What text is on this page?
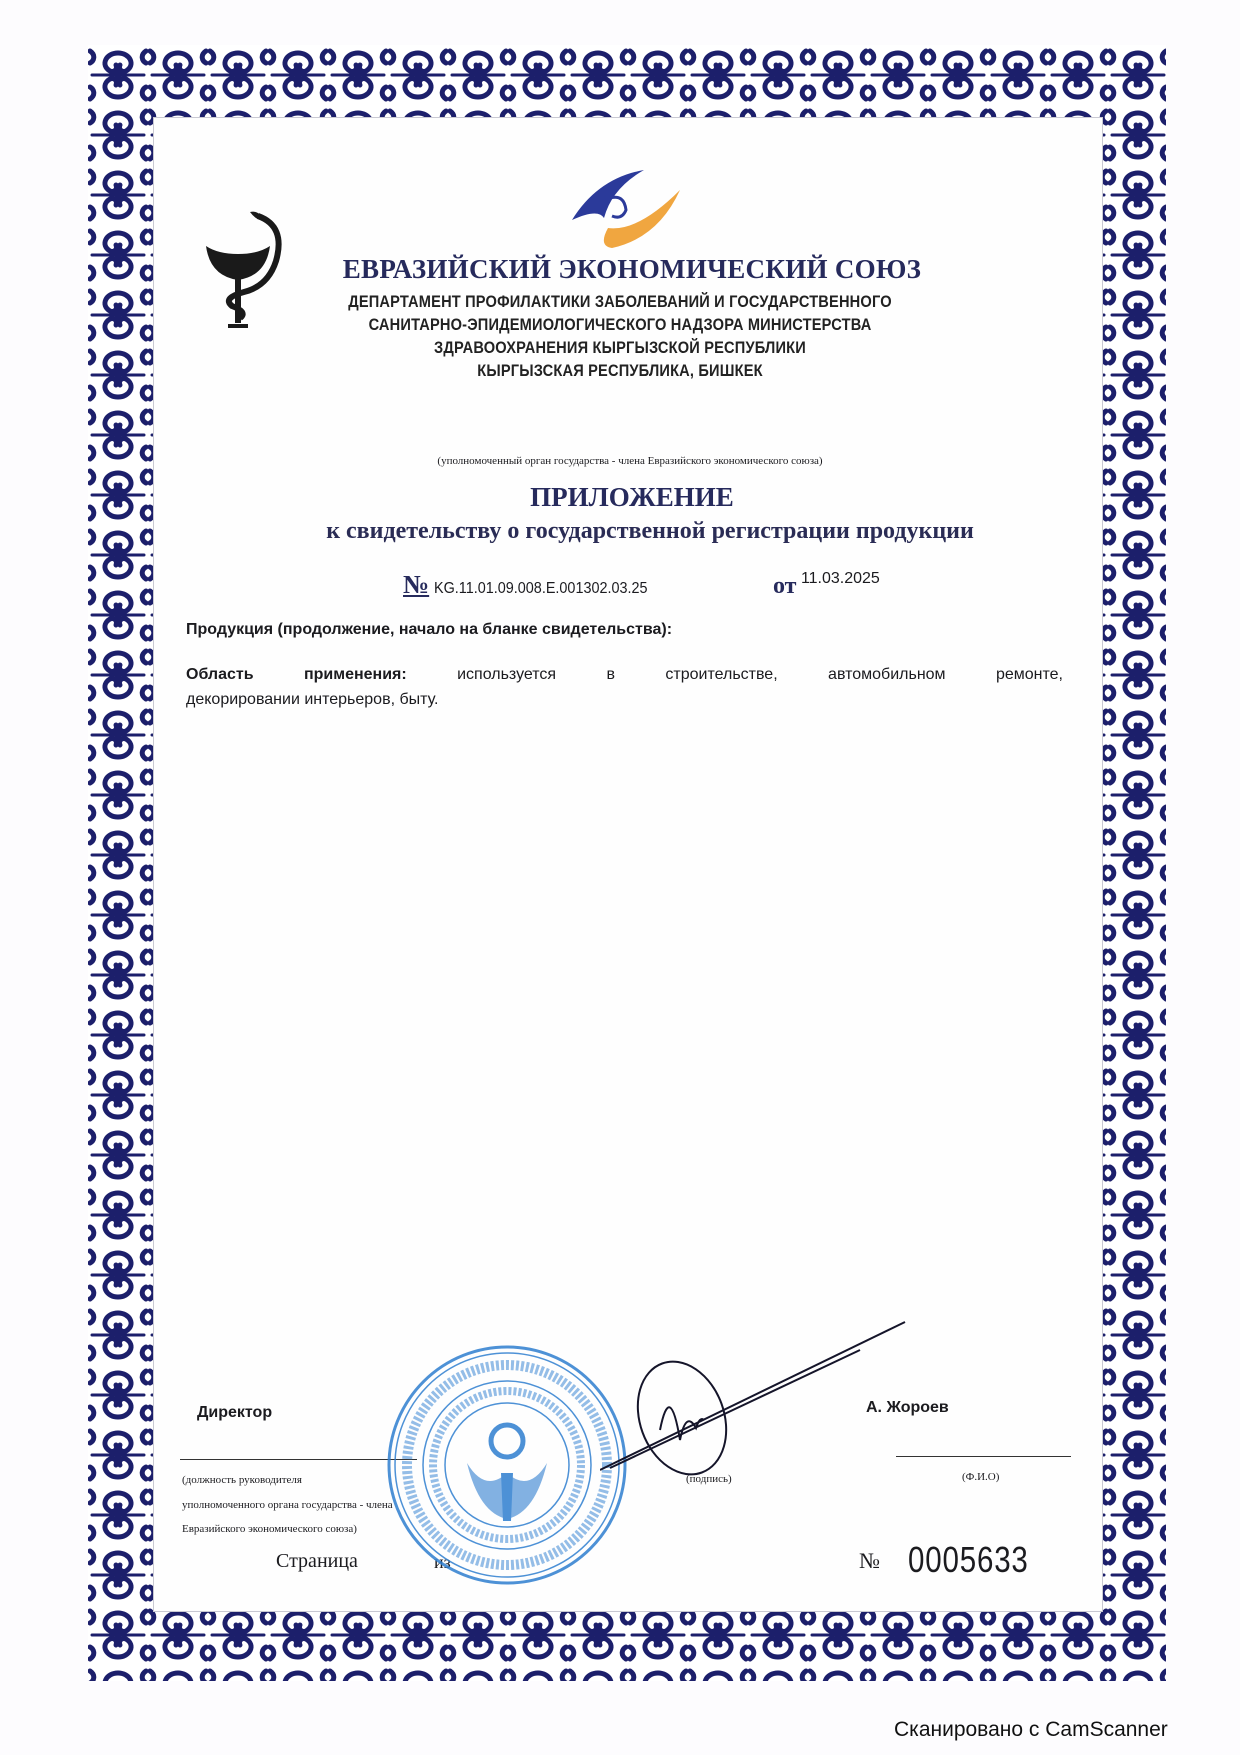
ЕВРАЗИЙСКИЙ ЭКОНОМИЧЕСКИЙ СОЮЗ
ДЕПАРТАМЕНТ ПРОФИЛАКТИКИ ЗАБОЛЕВАНИЙ И ГОСУДАРСТВЕННОГО
САНИТАРНО-ЭПИДЕМИОЛОГИЧЕСКОГО НАДЗОРА МИНИСТЕРСТВА
ЗДРАВООХРАНЕНИЯ КЫРГЫЗСКОЙ РЕСПУБЛИКИ
КЫРГЫЗСКАЯ РЕСПУБЛИКА, БИШКЕК
(уполномоченный орган государства - члена Евразийского экономического союза)
ПРИЛОЖЕНИЕ
к свидетельству о государственной регистрации продукции
№ KG.11.01.09.008.E.001302.03.25	от 11.03.2025
Продукция (продолжение, начало на бланке свидетельства):
Область применения:	используется в строительстве, автомобильном ремонте,
декорировании интерьеров, быту.
Директор
(должность руководителя
уполномоченного органа государства - члена
Евразийского экономического союза)
(подпись)
А. Жороев
(Ф.И.О)
Страница	из	№ 0005633
Сканировано с CamScanner
